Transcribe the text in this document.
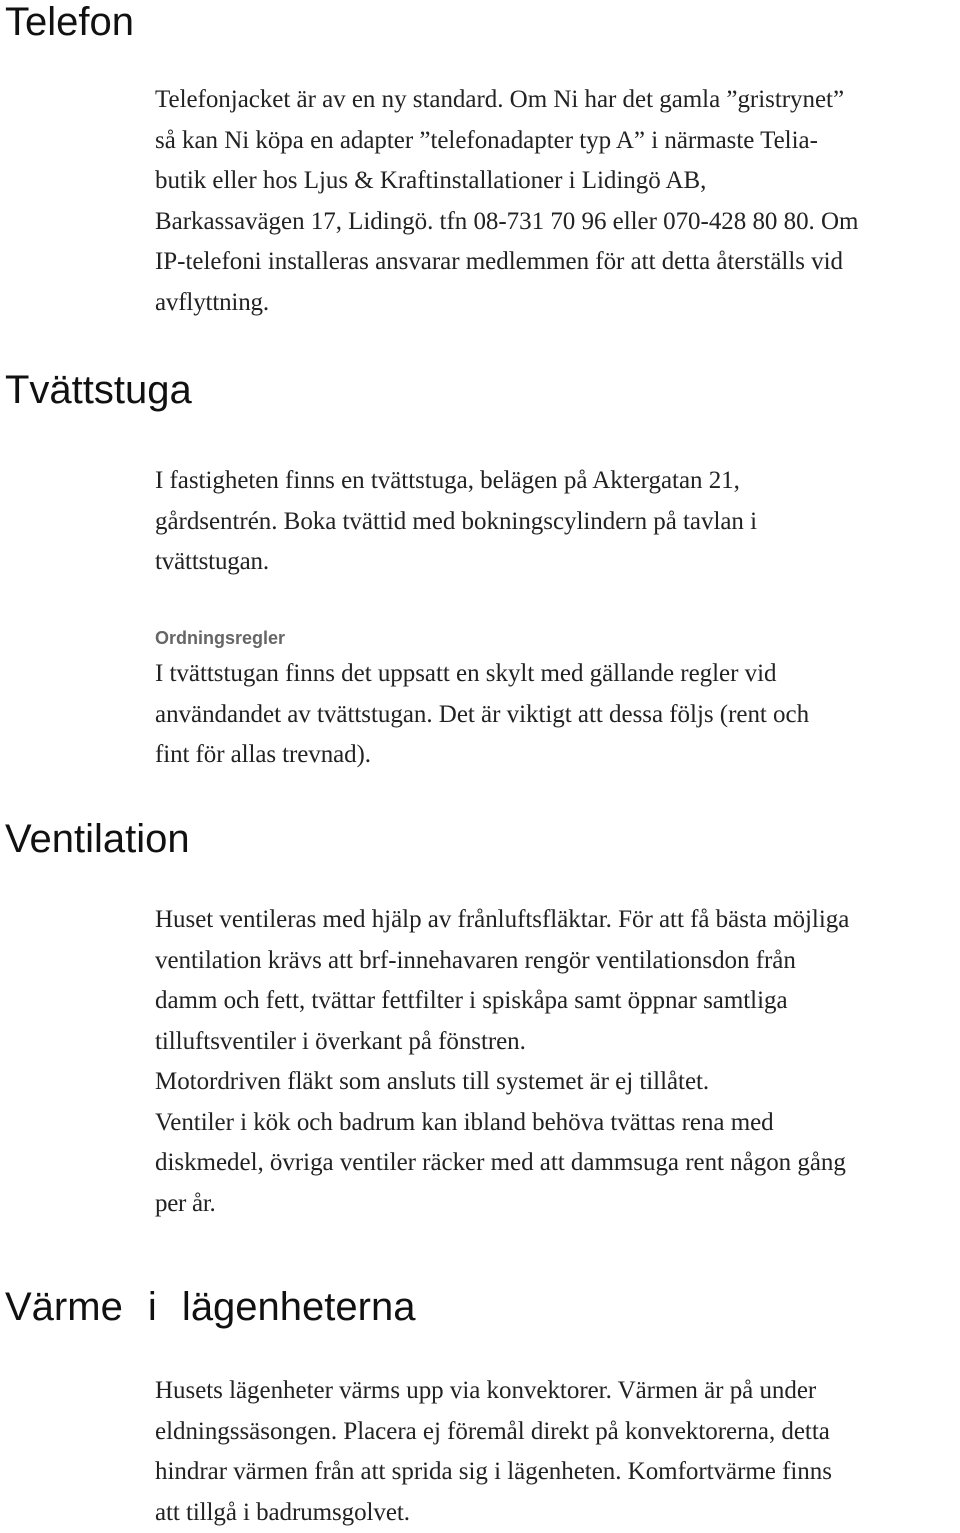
Telefon
Telefonjacket är av en ny standard. Om Ni har det gamla ”gristrynet”
så kan Ni köpa en adapter ”telefonadapter typ A” i närmaste Telia-
butik eller hos Ljus & Kraftinstallationer i Lidingö AB,
Barkassavägen 17, Lidingö. tfn 08-731 70 96 eller 070-428 80 80. Om
IP-telefoni installeras ansvarar medlemmen för att detta återställs vid
avflyttning.
Tvättstuga
I fastigheten finns en tvättstuga, belägen på Aktergatan 21,
gårdsentrén. Boka tvättid med bokningscylindern på tavlan i
tvättstugan.
Ordningsregler
I tvättstugan finns det uppsatt en skylt med gällande regler vid
användandet av tvättstugan. Det är viktigt att dessa följs (rent och
fint för allas trevnad).
Ventilation
Huset ventileras med hjälp av frånluftsfläktar. För att få bästa möjliga
ventilation krävs att brf-innehavaren rengör ventilationsdon från
damm och fett, tvättar fettfilter i spiskåpa samt öppnar samtliga
tilluftsventiler i överkant på fönstren.
Motordriven fläkt som ansluts till systemet är ej tillåtet.
Ventiler i kök och badrum kan ibland behöva tvättas rena med
diskmedel, övriga ventiler räcker med att dammsuga rent någon gång
per år.
Värme i lägenheterna
Husets lägenheter värms upp via konvektorer. Värmen är på under
eldningssäsongen. Placera ej föremål direkt på konvektorerna, detta
hindrar värmen från att sprida sig i lägenheten. Komfortvärme finns
att tillgå i badrumsgolvet.
